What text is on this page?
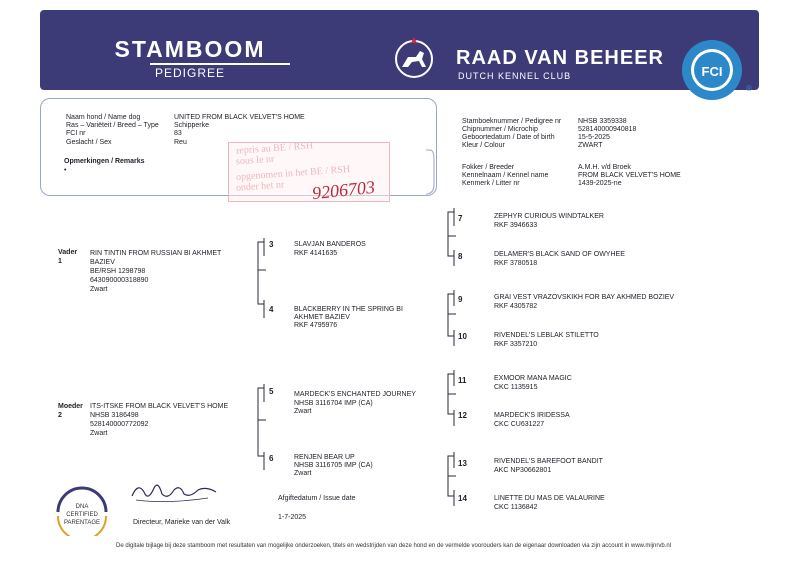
STAMBOOM
PEDIGREE
RAAD VAN BEHEER
DUTCH KENNEL CLUB	FCI
®
Naam hond / Name dog	UNITED FROM BLACK VELVET'S HOME
Ras – Variëteit / Breed – Type Schipperke
FCI nr	83
Geslacht / Sex	Reu
Opmerkingen / Remarks
•
repris au BE / RSH
sous le nr
opgenomen in het BE / RSH
onder het nr 9206703
Stamboeknummer / Pedigree nr NHSB 3359338
Chipnummer / Microchip	528140000940818
Geboortedatum / Date of birth	15-5-2025
Kleur / Colour	ZWART
Fokker / Breeder	A.M.H. v/d Broek
Kennelnaam / Kennel name	FROM BLACK VELVET'S HOME
Kenmerk / Litter nr	1439-2025-ne
Vader
1
RIN TINTIN FROM RUSSIAN BI AKHMET
BAZIEV
BE/RSH 1298798
643090000318890
Zwart
Moeder
2
ITS-ITSKE FROM BLACK VELVET'S HOME
NHSB 3186498
528140000772092
Zwart
3	SLAVJAN BANDEROS
RKF 4141635
4	BLACKBERRY IN THE SPRING BI
AKHMET BAZIEV
RKF 4795976
5	MARDECK'S ENCHANTED JOURNEY
NHSB 3116704 IMP (CA)
Zwart
6	RENJEN BEAR UP
NHSB 3116705 IMP (CA)
Zwart
7	ZEPHYR CURIOUS WINDTALKER
RKF 3946633
8	DELAMER'S BLACK SAND OF OWYHEE
RKF 3780518
9	GRAI VEST VRAZOVSKIKH FOR BAY AKHMED BOZIEV
RKF 4305782
10	RIVENDEL'S LEBLAK STILETTO
RKF 3357210
11	EXMOOR MANA MAGIC
CKC 1135915
12	MARDECK'S IRIDESSA
CKC CU631227
13	RIVENDEL'S BAREFOOT BANDIT
AKC NP30662801
14	LINETTE DU MAS DE VALAURINE
CKC 1136842
DNA
CERTIFIED
PARENTAGE	Directeur, Marieke van der Valk
Afgiftedatum / Issue date
1-7-2025
De digitale bijlage bij deze stamboom met resultaten van mogelijke onderzoeken, titels en wedstrijden van deze hond en de vermelde voorouders kan de eigenaar downloaden via zijn account in www.mijnrvb.nl
